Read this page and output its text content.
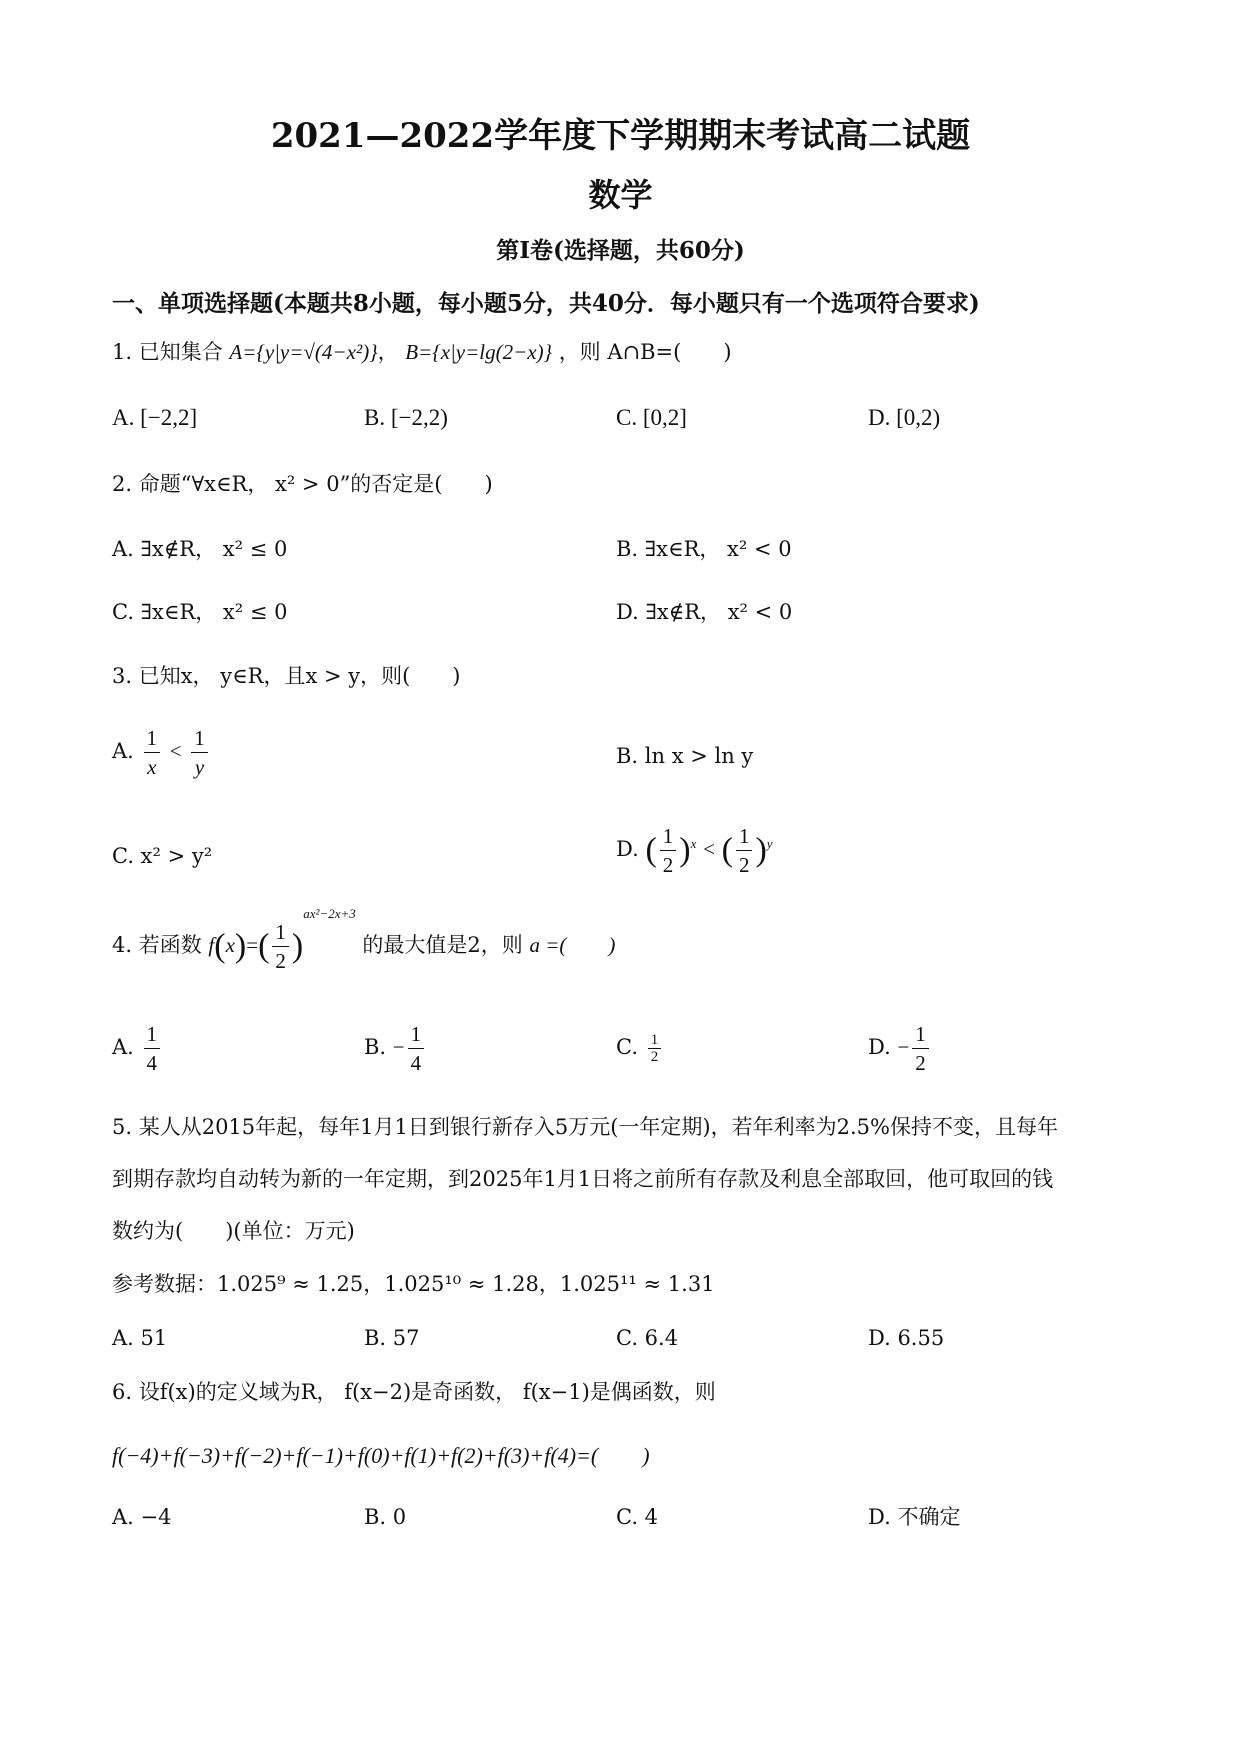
2021—2022学年度下学期期末考试高二试题
数学
第Ⅰ卷(选择题，共60分)
一、单项选择题(本题共8小题，每小题5分，共40分．每小题只有一个选项符合要求)
1. 已知集合 A={y|y=√(4−x²)}， B={x|y=lg(2−x)} ，则 A∩B=(　　)
A. [−2,2]	B. [−2,2)	C. [0,2]	D. [0,2)
2. 命题“∀x∈R， x² > 0”的否定是(　　)
A. ∃x∉R， x² ≤ 0	B. ∃x∈R， x² < 0
C. ∃x∈R， x² ≤ 0	D. ∃x∉R， x² < 0
3. 已知x， y∈R，且x > y，则(　　)
A. $\frac{1}{x} < \frac{1}{y}$	B. ln x > ln y
C. x² > y²	D. ( $\frac{1}{2} )^x$ < ( $\frac{1}{2} )^y$
4. 若函数 $f(x)=( \frac{1}{2} )^{ax^2-2x+3}$ 的最大值是2，则 a =(　　)
A. $\frac{1}{4}$	B. − $\frac{1}{4}$	C. $\frac{1}{2}$	D. − $\frac{1}{2}$
5. 某人从2015年起，每年1月1日到银行新存入5万元(一年定期)，若年利率为2.5%保持不变，且每年
到期存款均自动转为新的一年定期，到2025年1月1日将之前所有存款及利息全部取回，他可取回的钱
数约为(　　)(单位：万元)
参考数据：1.025⁹ ≈ 1.25，1.025¹⁰ ≈ 1.28，1.025¹¹ ≈ 1.31
A. 51	B. 57	C. 6.4	D. 6.55
6. 设f(x)的定义域为R， f(x−2)是奇函数， f(x−1)是偶函数，则
f(−4)+f(−3)+f(−2)+f(−1)+f(0)+f(1)+f(2)+f(3)+f(4)=(　　)
A. −4	B. 0	C. 4	D. 不确定
